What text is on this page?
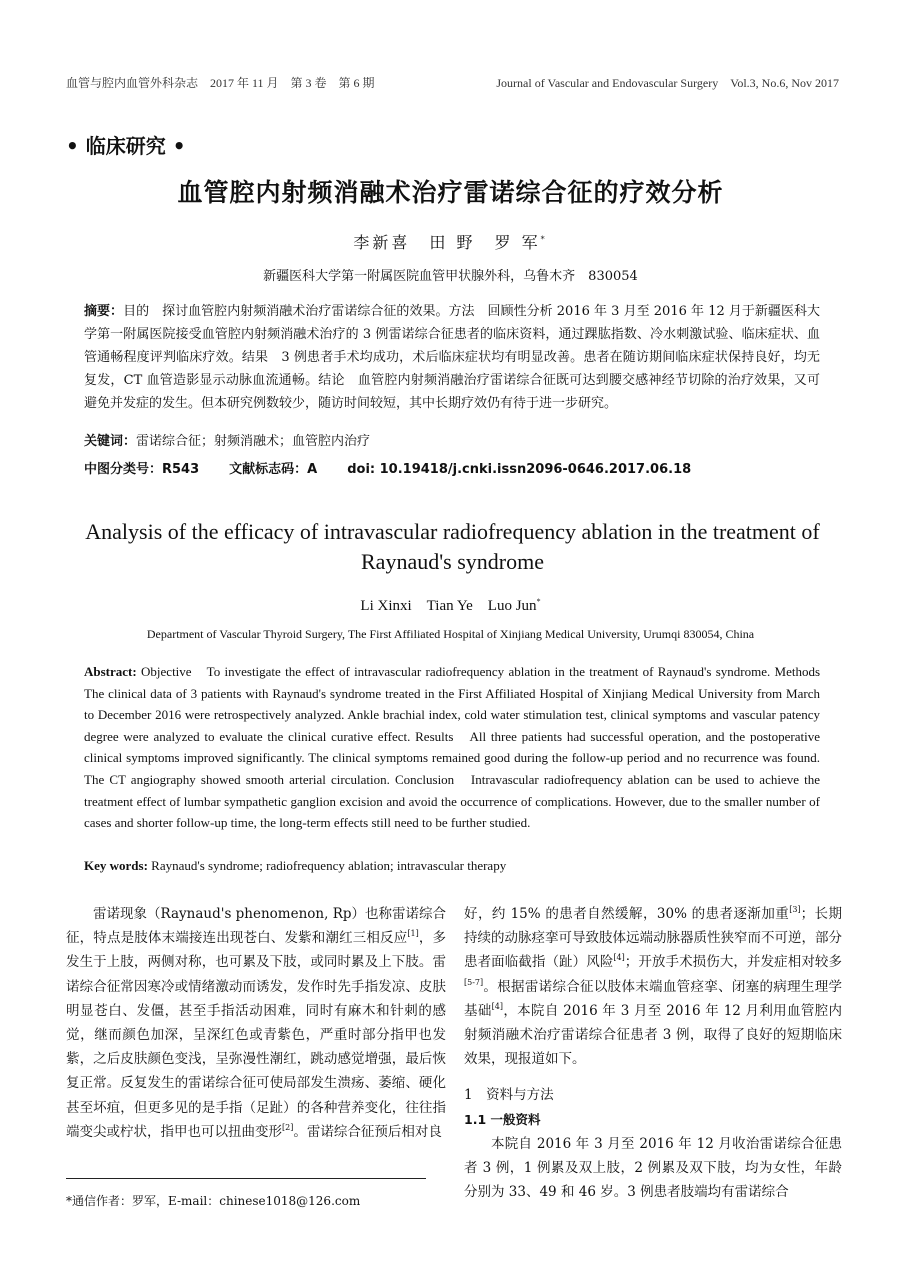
血管与腔内血管外科杂志　2017 年 11 月　第 3 卷　第 6 期	Journal of Vascular and Endovascular Surgery　Vol.3, No.6, Nov 2017
• 临床研究 •
血管腔内射频消融术治疗雷诺综合征的疗效分析
李新喜　田 野　罗 军*
新疆医科大学第一附属医院血管甲状腺外科，乌鲁木齐　830054
摘要：目的　探讨血管腔内射频消融术治疗雷诺综合征的效果。方法　回顾性分析 2016 年 3 月至 2016 年 12 月于新疆医科大学第一附属医院接受血管腔内射频消融术治疗的 3 例雷诺综合征患者的临床资料，通过踝肱指数、冷水刺激试验、临床症状、血管通畅程度评判临床疗效。结果　3 例患者手术均成功，术后临床症状均有明显改善。患者在随访期间临床症状保持良好，均无复发，CT 血管造影显示动脉血流通畅。结论　血管腔内射频消融治疗雷诺综合征既可达到腰交感神经节切除的治疗效果，又可避免并发症的发生。但本研究例数较少，随访时间较短，其中长期疗效仍有待于进一步研究。
关键词：雷诺综合征；射频消融术；血管腔内治疗
中图分类号：R543 文献标志码：A doi: 10.19418/j.cnki.issn2096-0646.2017.06.18
Analysis of the efficacy of intravascular radiofrequency ablation in the treatment of Raynaud's syndrome
Li Xinxi　Tian Ye　Luo Jun*
Department of Vascular Thyroid Surgery, The First Affiliated Hospital of Xinjiang Medical University, Urumqi 830054, China
Abstract: Objective　To investigate the effect of intravascular radiofrequency ablation in the treatment of Raynaud's syndrome. Methods　The clinical data of 3 patients with Raynaud's syndrome treated in the First Affiliated Hospital of Xinjiang Medical University from March to December 2016 were retrospectively analyzed. Ankle brachial index, cold water stimulation test, clinical symptoms and vascular patency degree were analyzed to evaluate the clinical curative effect. Results　All three patients had successful operation, and the postoperative clinical symptoms improved significantly. The clinical symptoms remained good during the follow-up period and no recurrence was found. The CT angiography showed smooth arterial circulation. Conclusion　Intravascular radiofrequency ablation can be used to achieve the treatment effect of lumbar sympathetic ganglion excision and avoid the occurrence of complications. However, due to the smaller number of cases and shorter follow-up time, the long-term effects still need to be further studied.
Key words: Raynaud's syndrome; radiofrequency ablation; intravascular therapy
雷诺现象（Raynaud's phenomenon, Rp）也称雷诺综合征，特点是肢体末端接连出现苍白、发紫和潮红三相反应[1]，多发生于上肢，两侧对称，也可累及下肢，或同时累及上下肢。雷诺综合征常因寒冷或情绪激动而诱发，发作时先手指发凉、皮肤明显苍白、发僵，甚至手指活动困难，同时有麻木和针刺的感觉，继而颜色加深，呈深红色或青紫色，严重时部分指甲也发紫，之后皮肤颜色变浅，呈弥漫性潮红，跳动感觉增强，最后恢复正常。反复发生的雷诺综合征可使局部发生溃疡、萎缩、硬化甚至坏疽，但更多见的是手指（足趾）的各种营养变化，往往指端变尖或柠状，指甲也可以扭曲变形[2]。雷诺综合征预后相对良

好，约 15% 的患者自然缓解，30% 的患者逐渐加重[3]；长期持续的动脉痉挛可导致肢体远端动脉器质性狭窄而不可逆，部分患者面临截指（趾）风险[4]；开放手术损伤大，并发症相对较多[5-7]。根据雷诺综合征以肢体末端血管痉挛、闭塞的病理生理学基础[4]，本院自 2016 年 3 月至 2016 年 12 月利用血管腔内射频消融术治疗雷诺综合征患者 3 例，取得了良好的短期临床效果，现报道如下。

1　资料与方法

1.1 一般资料

本院自 2016 年 3 月至 2016 年 12 月收治雷诺综合征患者 3 例，1 例累及双上肢，2 例累及双下肢，均为女性，年龄分别为 33、49 和 46 岁。3 例患者肢端均有雷诺综合

*通信作者：罗军，E-mail：chinese1018@126.com
